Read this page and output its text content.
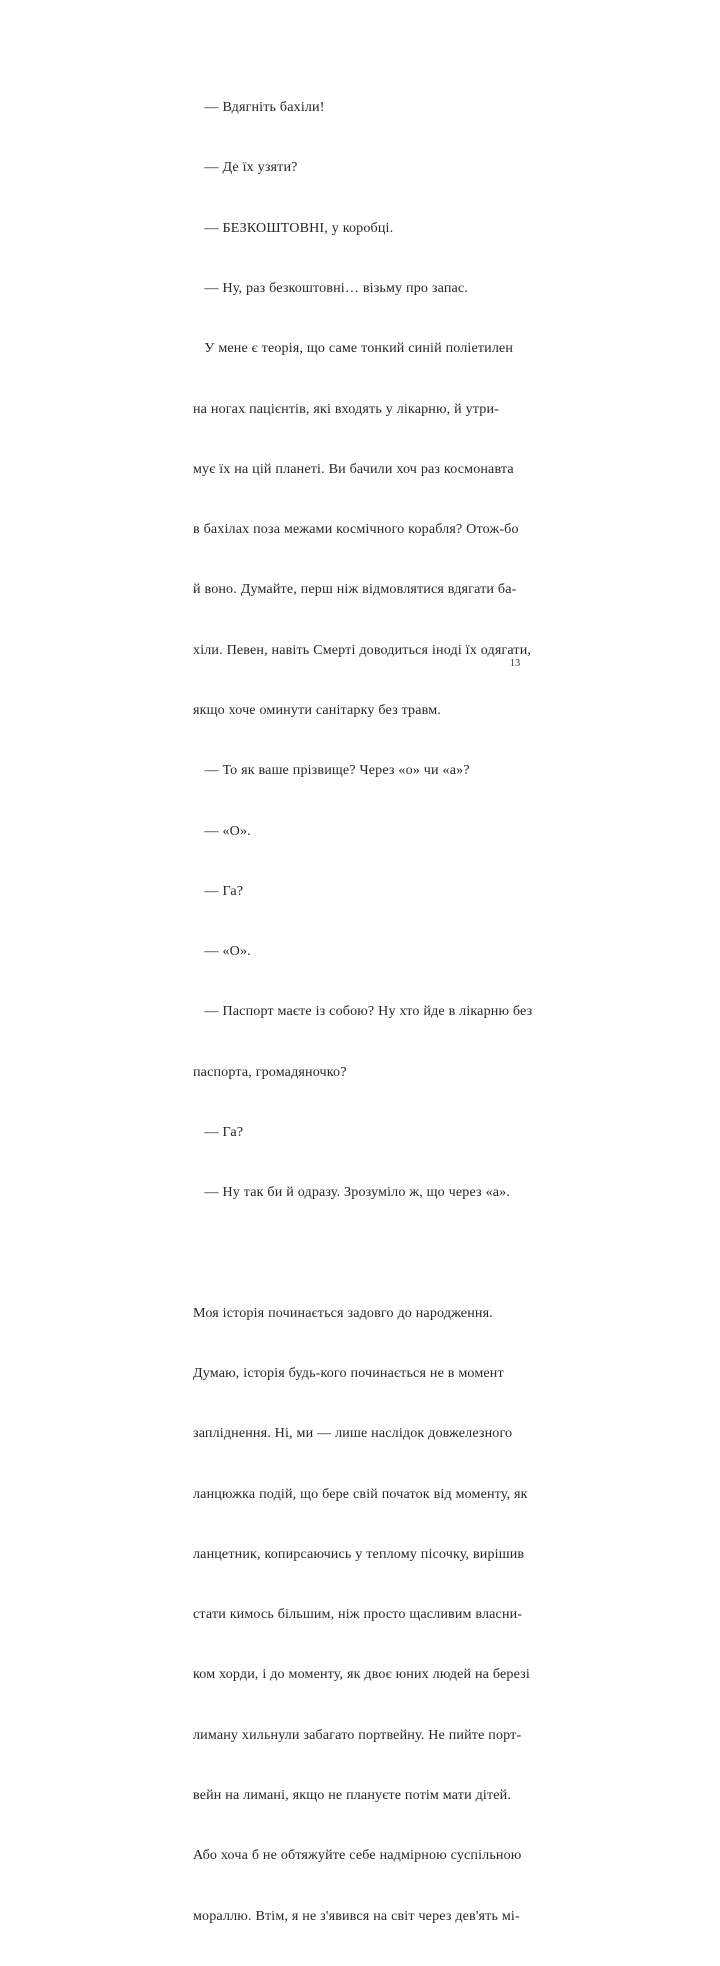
— Вдягніть бахіли!

— Де їх узяти?

— БЕЗКОШТОВНІ, у коробці.

— Ну, раз безкоштовні… візьму про запас.

У мене є теорія, що саме тонкий синій поліетилен

на ногах пацієнтів, які входять у лікарню, й утри-

мує їх на цій планеті. Ви бачили хоч раз космонавта

в бахілах поза межами космічного корабля? Отож-бо

й воно. Думайте, перш ніж відмовлятися вдягати ба-

хіли. Певен, навіть Смерті доводиться іноді їх одягати,

якщо хоче оминути санітарку без травм.

— То як ваше прізвище? Через «о» чи «а»?

— «О».

— Га?

— «О».

— Паспорт маєте із собою? Ну хто йде в лікарню без

паспорта, громадяночко?

— Га?

— Ну так би й одразу. Зрозуміло ж, що через «а».

Моя історія починається задовго до народження.

Думаю, історія будь-кого починається не в момент

запліднення. Ні, ми — лише наслідок довжелезного

ланцюжка подій, що бере свій початок від моменту, як

ланцетник, копирсаючись у теплому пісочку, вирішив

стати кимось більшим, ніж просто щасливим власни-

ком хорди, і до моменту, як двоє юних людей на березі

лиману хильнули забагато портвейну. Не пийте порт-

вейн на лимані, якщо не плануєте потім мати дітей.

Або хоча б не обтяжуйте себе надмірною суспільною

мораллю. Втім, я не з'явився на світ через дев'ять мі-

13
